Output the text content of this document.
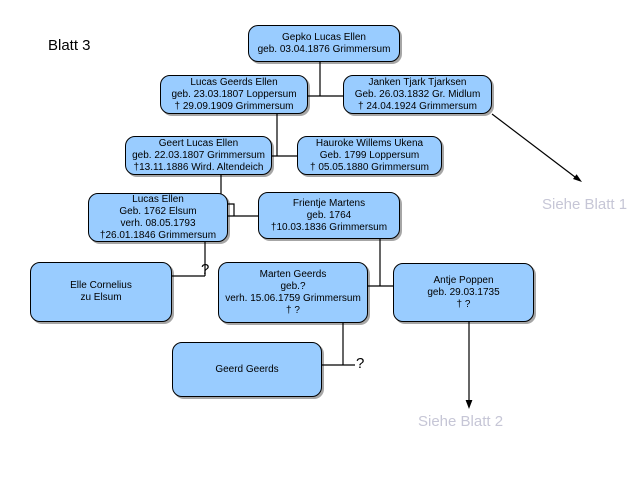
Blatt 3	Gepko Lucas Ellen
geb. 03.04.1876 Grimmersum
Lucas Geerds Ellen
geb. 23.03.1807 Loppersum
† 29.09.1909 Grimmersum
Janken Tjark Tjarksen
Geb. 26.03.1832 Gr. Midlum
† 24.04.1924 Grimmersum
Geert Lucas Ellen
geb. 22.03.1807 Grimmersum
†13.11.1886 Wird. Altendeich
Hauroke Willems Ukena
Geb. 1799 Loppersum
† 05.05.1880 Grimmersum
Lucas Ellen
Geb. 1762 Elsum
verh. 08.05.1793
†26.01.1846 Grimmersum
Frientje Martens
geb. 1764
†10.03.1836 Grimmersum
Elle Cornelius
zu Elsum
Marten Geerds
geb.?
verh. 15.06.1759 Grimmersum
† ?
Antje Poppen
geb. 29.03.1735
† ?
Geerd Geerds
?
?
Siehe Blatt 1
Siehe Blatt 2
